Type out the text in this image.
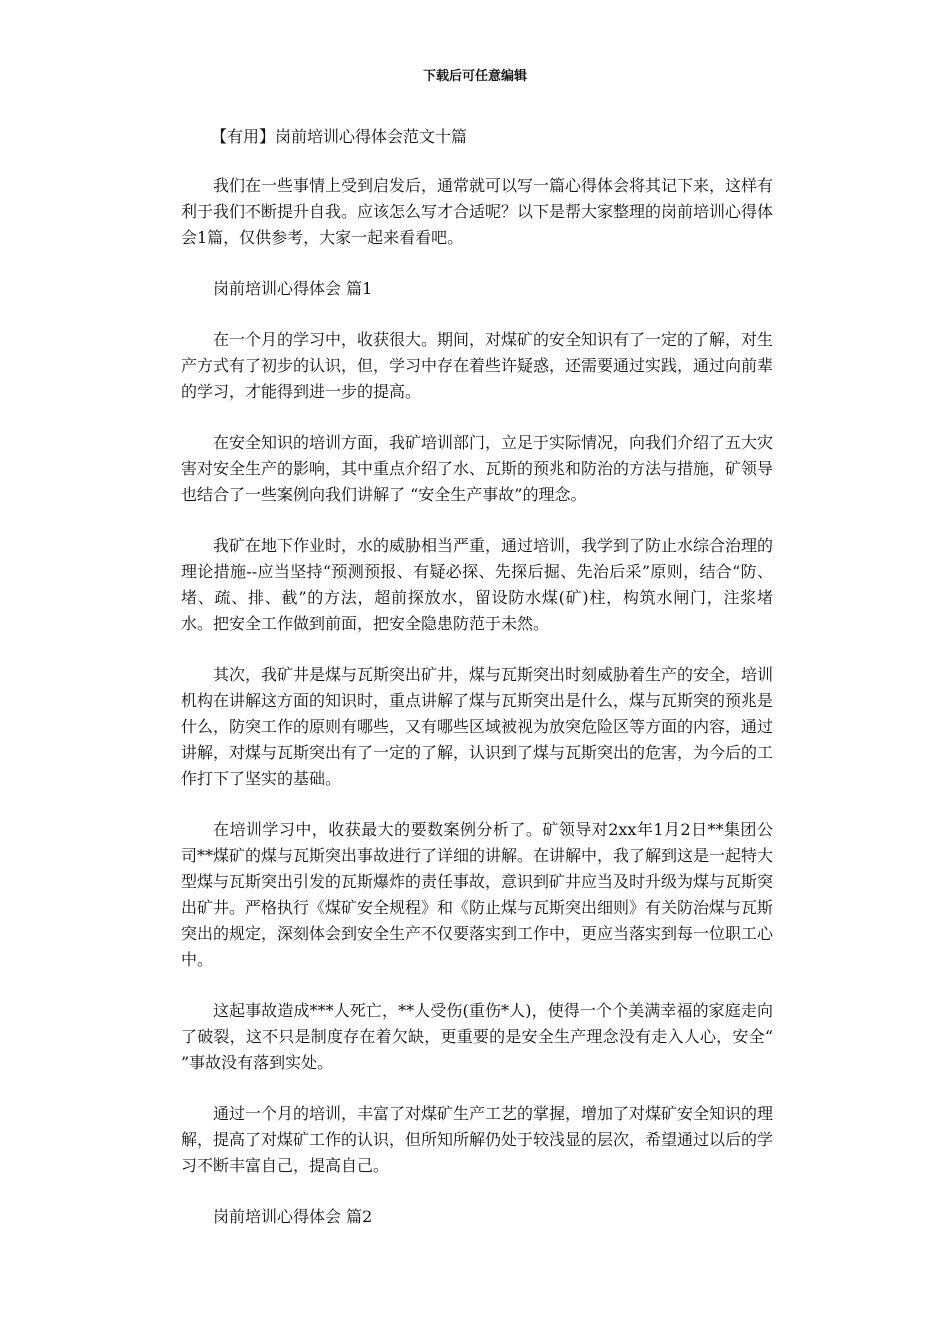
下载后可任意编辑
【有用】岗前培训心得体会范文十篇

我们在一些事情上受到启发后，通常就可以写一篇心得体会将其记下来，这样有利于我们不断提升自我。应该怎么写才合适呢？以下是帮大家整理的岗前培训心得体会1篇，仅供参考，大家一起来看看吧。

岗前培训心得体会 篇1

在一个月的学习中，收获很大。期间，对煤矿的安全知识有了一定的了解，对生产方式有了初步的认识，但，学习中存在着些许疑惑，还需要通过实践，通过向前辈的学习，才能得到进一步的提高。

在安全知识的培训方面，我矿培训部门，立足于实际情况，向我们介绍了五大灾害对安全生产的影响，其中重点介绍了水、瓦斯的预兆和防治的方法与措施，矿领导也结合了一些案例向我们讲解了 “安全生产事故”的理念。

我矿在地下作业时，水的威胁相当严重，通过培训，我学到了防止水综合治理的理论措施--应当坚持“预测预报、有疑必探、先探后掘、先治后采”原则，结合“防、堵、疏、排、截”的方法，超前探放水，留设防水煤(矿)柱，构筑水闸门，注浆堵水。把安全工作做到前面，把安全隐患防范于未然。

其次，我矿井是煤与瓦斯突出矿井，煤与瓦斯突出时刻威胁着生产的安全，培训机构在讲解这方面的知识时，重点讲解了煤与瓦斯突出是什么，煤与瓦斯突的预兆是什么，防突工作的原则有哪些，又有哪些区域被视为放突危险区等方面的内容，通过讲解，对煤与瓦斯突出有了一定的了解，认识到了煤与瓦斯突出的危害，为今后的工作打下了坚实的基础。

在培训学习中，收获最大的要数案例分析了。矿领导对2xx年1月2日**集团公司**煤矿的煤与瓦斯突出事故进行了详细的讲解。在讲解中，我了解到这是一起特大型煤与瓦斯突出引发的瓦斯爆炸的责任事故，意识到矿井应当及时升级为煤与瓦斯突出矿井。严格执行《煤矿安全规程》和《防止煤与瓦斯突出细则》有关防治煤与瓦斯突出的规定，深刻体会到安全生产不仅要落实到工作中，更应当落实到每一位职工心中。

这起事故造成***人死亡，**人受伤(重伤*人)，使得一个个美满幸福的家庭走向了破裂，这不只是制度存在着欠缺，更重要的是安全生产理念没有走入人心，安全“ ”事故没有落到实处。

通过一个月的培训，丰富了对煤矿生产工艺的掌握，增加了对煤矿安全知识的理解，提高了对煤矿工作的认识，但所知所解仍处于较浅显的层次，希望通过以后的学习不断丰富自己，提高自己。

岗前培训心得体会 篇2
